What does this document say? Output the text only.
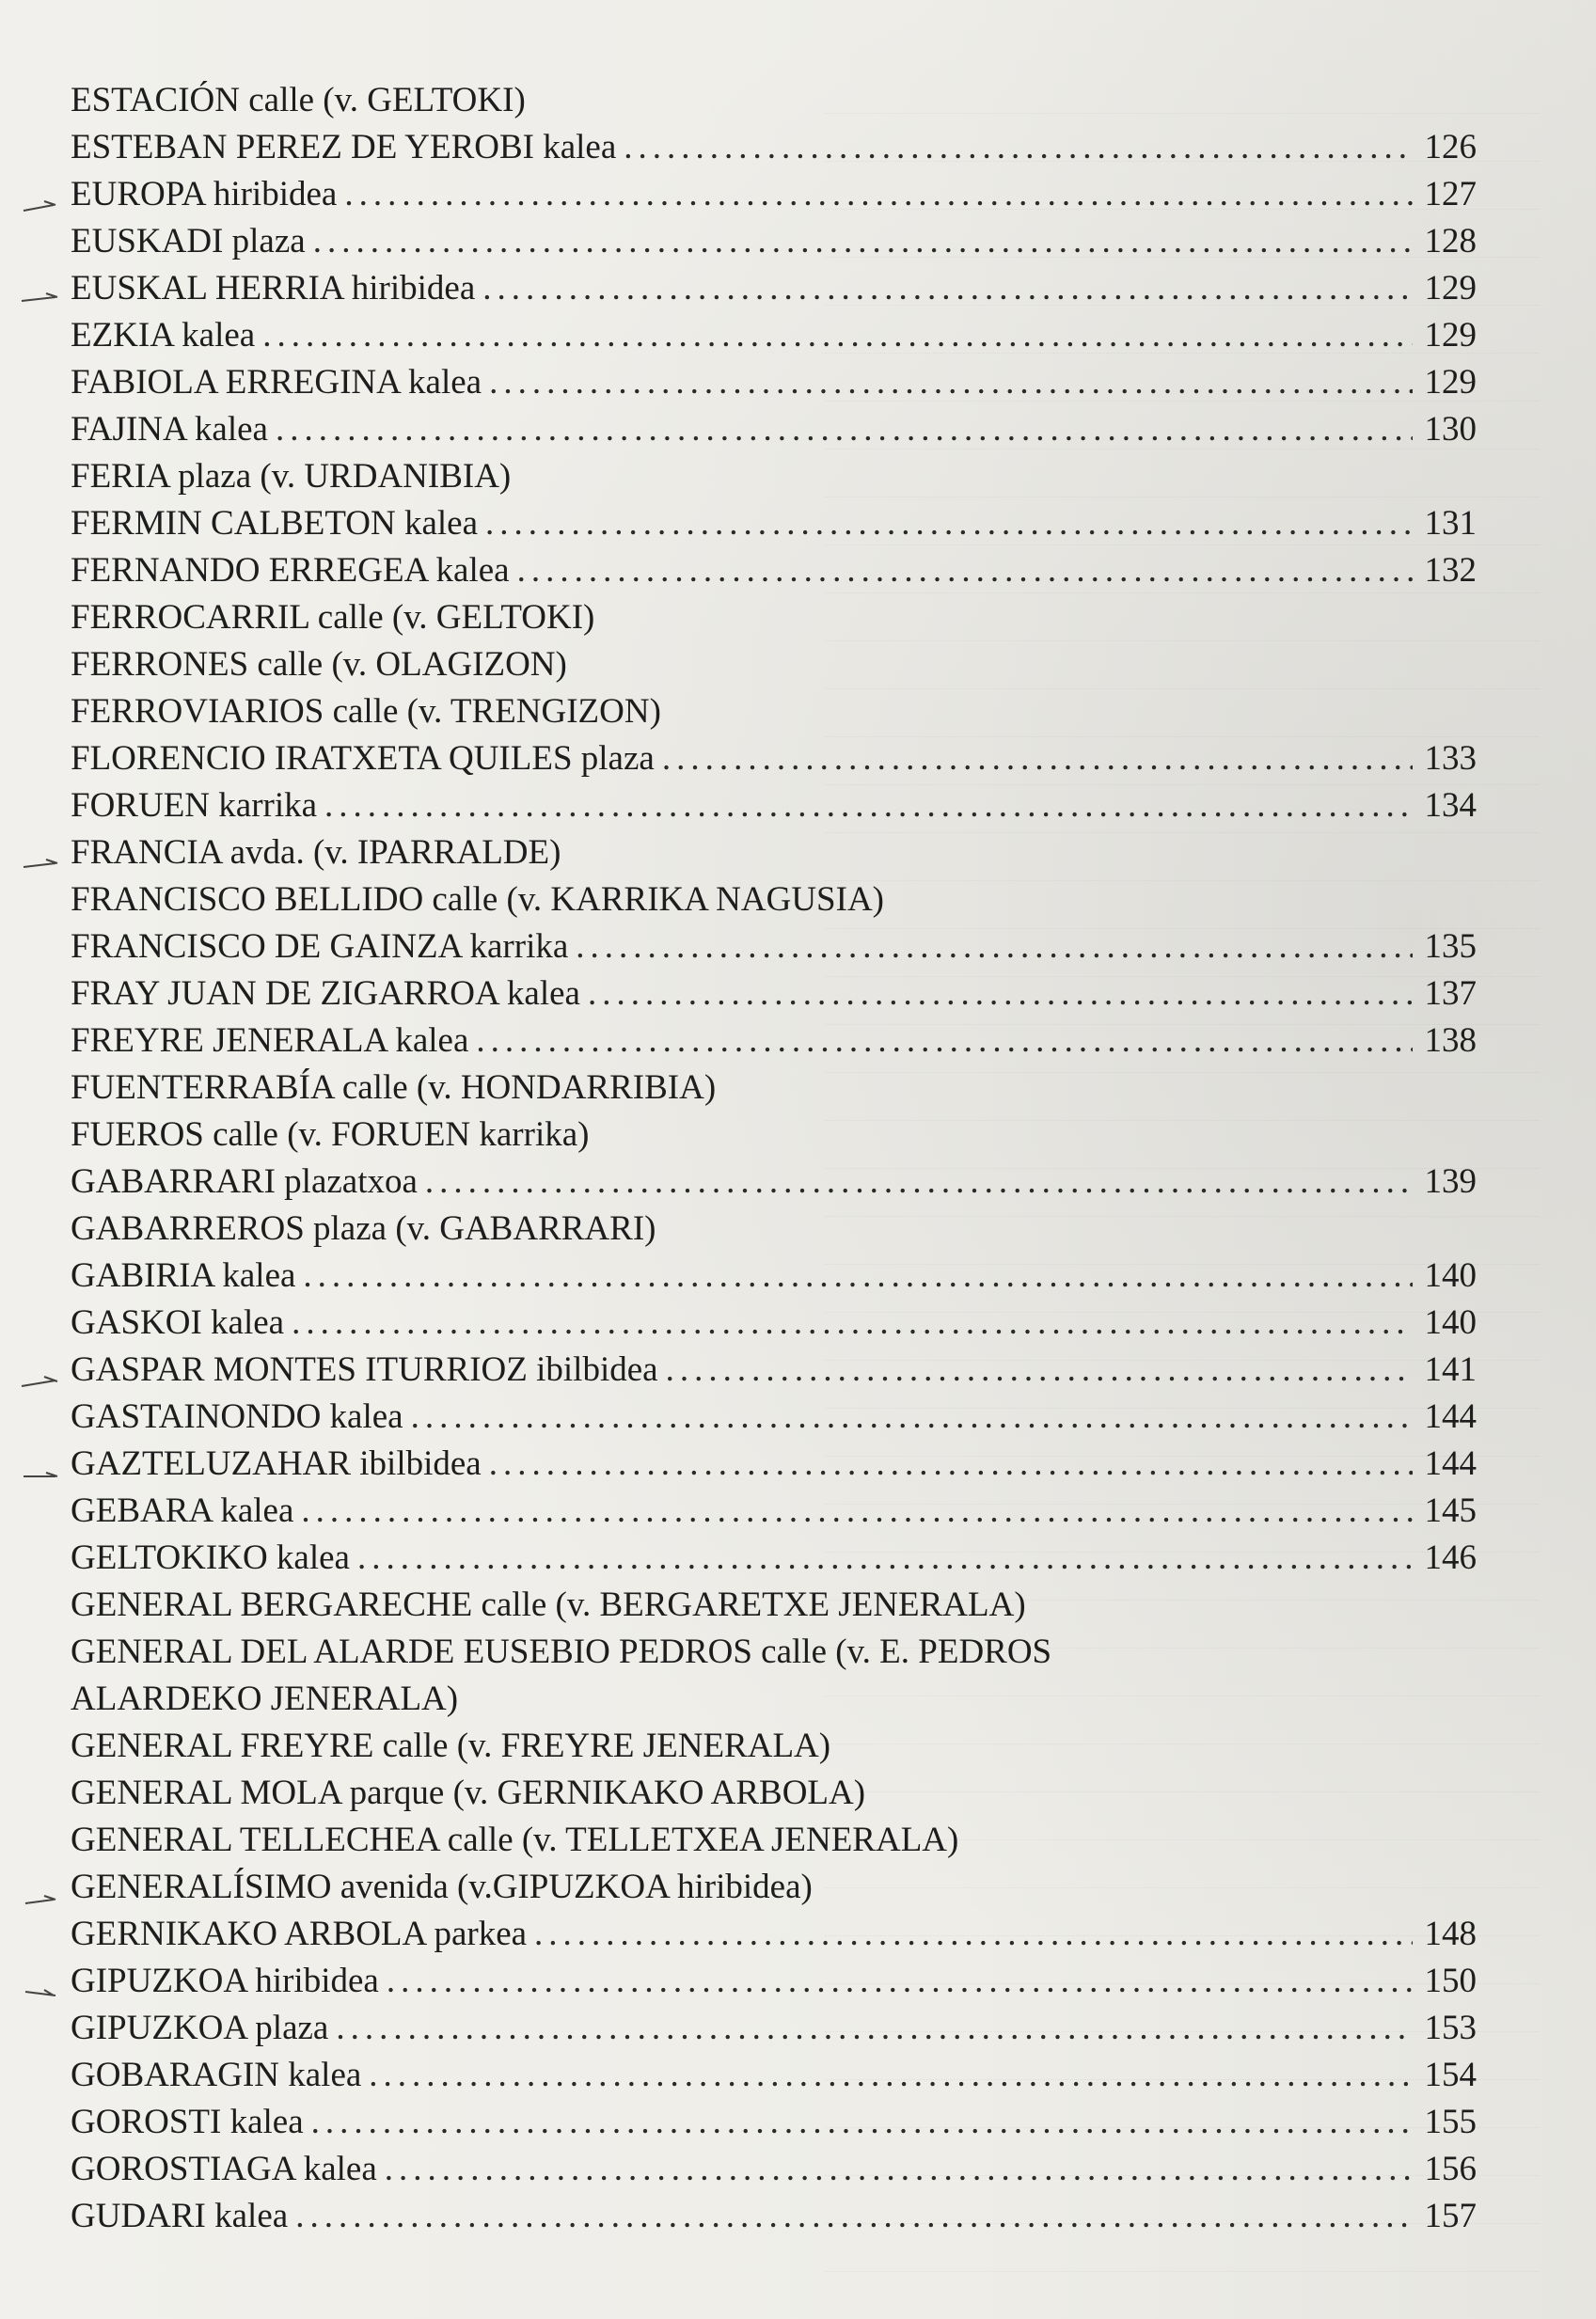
ESTACIÓN calle (v. GELTOKI)
ESTEBAN PEREZ DE YEROBI kalea .....	126
EUROPA hiribidea .....	127
EUSKADI plaza .....	128
EUSKAL HERRIA hiribidea .....	129
EZKIA kalea .....	129
FABIOLA ERREGINA kalea .....	129
FAJINA kalea .....	130
FERIA plaza (v. URDANIBIA)
FERMIN CALBETON kalea .....	131
FERNANDO ERREGEA kalea .....	132
FERROCARRIL calle (v. GELTOKI)
FERRONES calle (v. OLAGIZON)
FERROVIARIOS calle (v. TRENGIZON)
FLORENCIO IRATXETA QUILES plaza .....	133
FORUEN karrika .....	134
FRANCIA avda. (v. IPARRALDE)
FRANCISCO BELLIDO calle (v. KARRIKA NAGUSIA)
FRANCISCO DE GAINZA karrika .....	135
FRAY JUAN DE ZIGARROA kalea .....	137
FREYRE JENERALA kalea .....	138
FUENTERRABÍA calle (v. HONDARRIBIA)
FUEROS calle (v. FORUEN karrika)
GABARRARI plazatxoa .....	139
GABARREROS plaza (v. GABARRARI)
GABIRIA kalea .....	140
GASKOI kalea .....	140
GASPAR MONTES ITURRIOZ ibilbidea .....	141
GASTAINONDO kalea .....	144
GAZTELUZAHAR ibilbidea .....	144
GEBARA kalea .....	145
GELTOKIKO kalea .....	146
GENERAL BERGARECHE calle (v. BERGARETXE JENERALA)
GENERAL DEL ALARDE EUSEBIO PEDROS calle (v. E. PEDROS
ALARDEKO JENERALA)
GENERAL FREYRE calle (v. FREYRE JENERALA)
GENERAL MOLA parque (v. GERNIKAKO ARBOLA)
GENERAL TELLECHEA calle (v. TELLETXEA JENERALA)
GENERALÍSIMO avenida (v.GIPUZKOA hiribidea)
GERNIKAKO ARBOLA parkea .....	148
GIPUZKOA hiribidea .....	150
GIPUZKOA plaza .....	153
GOBARAGIN kalea .....	154
GOROSTI kalea .....	155
GOROSTIAGA kalea .....	156
GUDARI kalea .....	157
